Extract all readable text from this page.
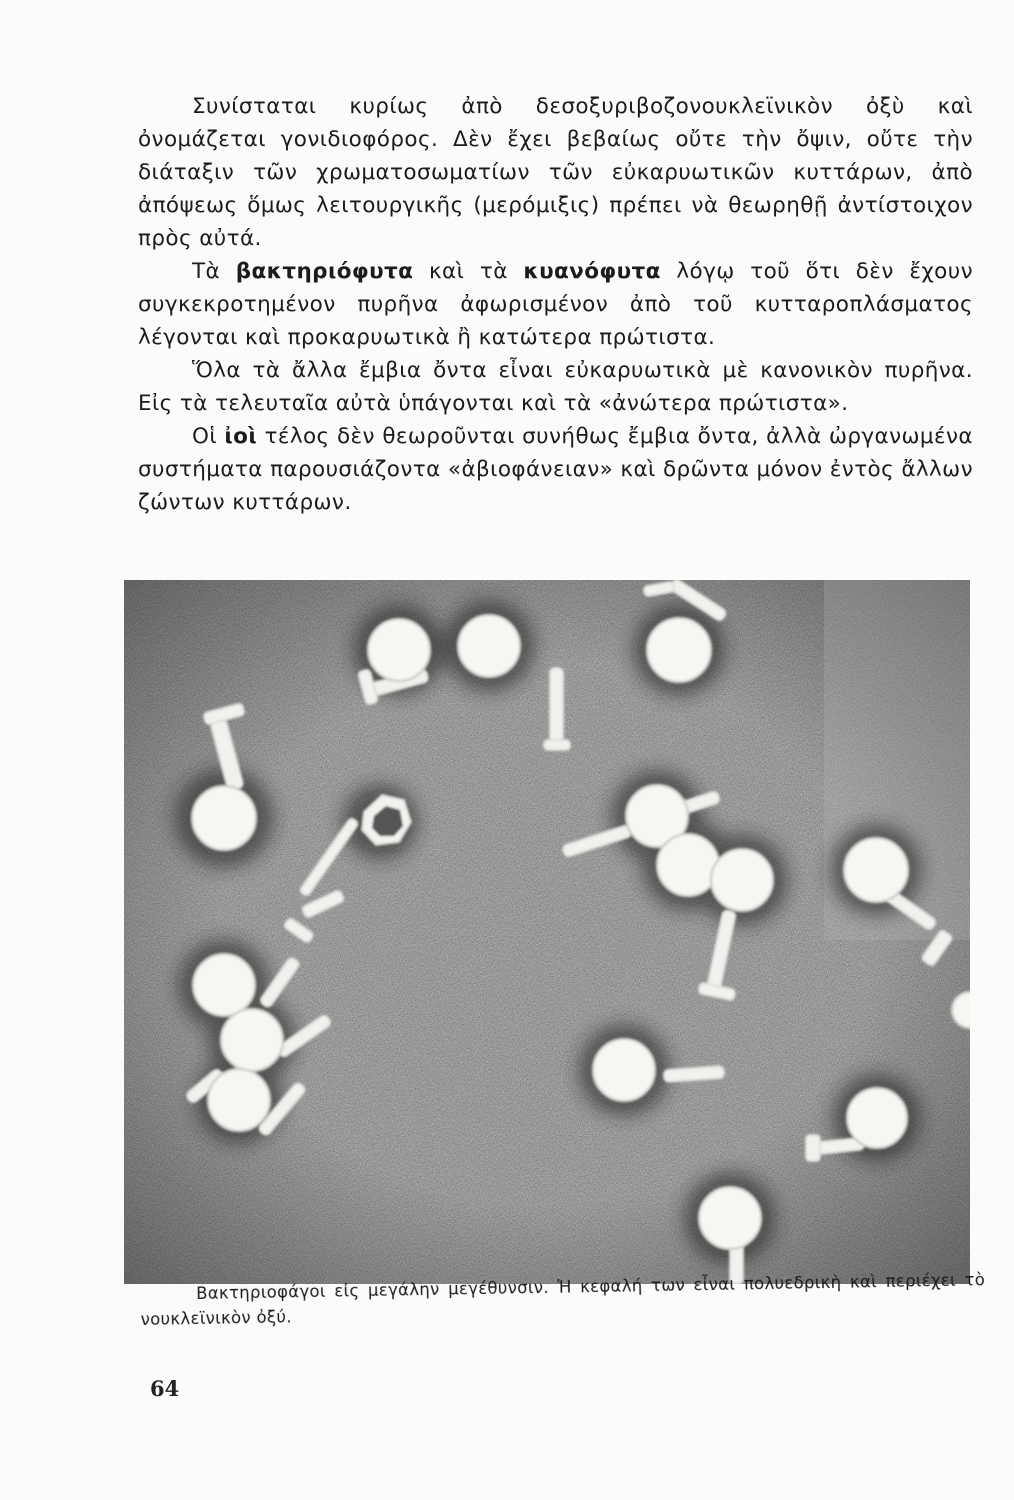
Συνίσταται κυρίως ἀπὸ δεσοξυριβοζονουκλεϊνικὸν ὀξὺ καὶ ὀνομάζεται γονιδιοφόρος. Δὲν ἔχει βεβαίως οὔτε τὴν ὄψιν, οὔτε τὴν διάταξιν τῶν χρωματοσωματίων τῶν εὐκαρυωτικῶν κυττάρων, ἀπὸ ἀπόψεως ὅμως λειτουργικῆς (μερόμιξις) πρέπει νὰ θεωρηθῇ ἀντίστοιχον πρὸς αὐτά.

Τὰ βακτηριόφυτα καὶ τὰ κυανόφυτα λόγῳ τοῦ ὅτι δὲν ἔχουν συγκεκροτημένον πυρῆνα ἀφωρισμένον ἀπὸ τοῦ κυτταροπλάσματος λέγονται καὶ προκαρυωτικὰ ἢ κατώτερα πρώτιστα.

Ὅλα τὰ ἄλλα ἔμβια ὄντα εἶναι εὐκαρυωτικὰ μὲ κανονικὸν πυρῆνα. Εἰς τὰ τελευταῖα αὐτὰ ὑπάγονται καὶ τὰ «ἀνώτερα πρώτιστα».

Οἱ ἰοὶ τέλος δὲν θεωροῦνται συνήθως ἔμβια ὄντα, ἀλλὰ ὠργανωμένα συστήματα παρουσιάζοντα «ἀβιοφάνειαν» καὶ δρῶντα μόνον ἐντὸς ἄλλων ζώντων κυττάρων.

Βακτηριοφάγοι εἰς μεγάλην μεγέθυνσιν. Ἡ κεφαλή των εἶναι πολυεδρικὴ καὶ περιέχει τὸ νουκλεϊνικὸν ὀξύ.

64
